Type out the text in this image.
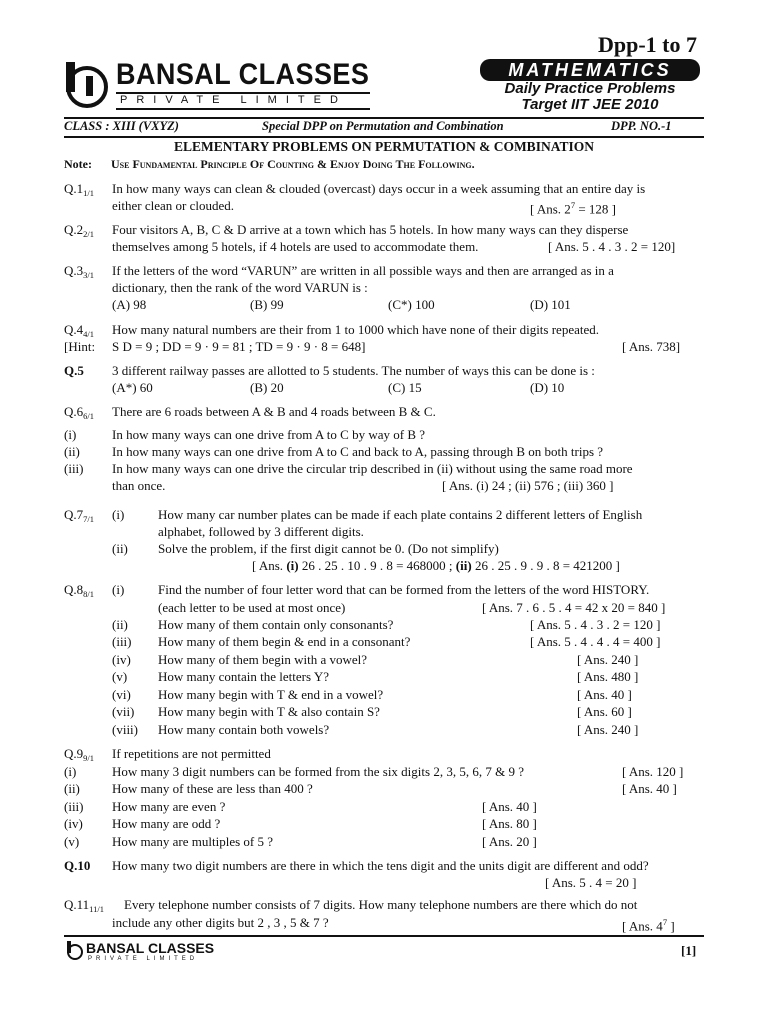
BANSAL CLASSES
PRIVATE LIMITED
Dpp-1 to 7
MATHEMATICS
Daily Practice Problems
Target IIT JEE 2010
CLASS : XIII (VXYZ)	Special DPP on Permutation and Combination	DPP. NO.-1
ELEMENTARY PROBLEMS ON PERMUTATION & COMBINATION
Note: Use Fundamental Principle Of Counting & Enjoy Doing The Following.
$Q.1_{1/1}$ In how many ways can clean & clouded (overcast) days occur in a week assuming that an entire day is
either clean or clouded.	[ Ans. $2^7 = 128$ ]
$Q.2_{2/1}$ Four visitors A, B, C & D arrive at a town which has 5 hotels. In how many ways can they disperse
themselves among 5 hotels, if 4 hotels are used to accommodate them.	[ Ans. 5 . 4 . 3 . 2 = 120]
$Q.3_{3/1}$ If the letters of the word “VARUN” are written in all possible ways and then are arranged as in a
dictionary, then the rank of the word VARUN is :
(A) 98	(B) 99	(C*) 100	(D) 101
$Q.4_{4/1}$ How many natural numbers are their from 1 to 1000 which have none of their digits repeated.
[Hint: S D = 9 ; DD = 9 · 9 = 81 ; TD = 9 · 9 · 8 = 648]	[ Ans. 738]
Q.5 3 different railway passes are allotted to 5 students. The number of ways this can be done is :
(A*) 60	(B) 20	(C) 15	(D) 10
$Q.6_{6/1}$ There are 6 roads between A & B and 4 roads between B & C.
(i)	In how many ways can one drive from A to C by way of B ?
(ii) In how many ways can one drive from A to C and back to A, passing through B on both trips ?
(iii) In how many ways can one drive the circular trip described in (ii) without using the same road more
than once.	[ Ans. (i) 24 ; (ii) 576 ; (iii) 360 ]
$Q.7_{7/1}$ (i)	How many car number plates can be made if each plate contains 2 different letters of English
alphabet, followed by 3 different digits.
(ii) Solve the problem, if the first digit cannot be 0. (Do not simplify)
[ Ans. (i) 26 . 25 . 10 . 9 . 8 = 468000 ; (ii) 26 . 25 . 9 . 9 . 8 = 421200 ]
$Q.8_{8/1}$ (i)	Find the number of four letter word that can be formed from the letters of the word HISTORY.
(each letter to be used at most once)	[ Ans. 7 . 6 . 5 . 4 = 42 x 20 = 840 ]
(ii) How many of them contain only consonants?	[ Ans. 5 . 4 . 3 . 2 = 120 ]
(iii) How many of them begin & end in a consonant?	[ Ans. 5 . 4 . 4 . 4 = 400 ]
(iv) How many of them begin with a vowel?	[ Ans. 240 ]
(v) How many contain the letters Y?	[ Ans. 480 ]
(vi) How many begin with T & end in a vowel?	[ Ans. 40 ]
(vii) How many begin with T & also contain S?	[ Ans. 60 ]
(viii) How many contain both vowels?	[ Ans. 240 ]
$Q.9_{9/1}$ If repetitions are not permitted
(i)	How many 3 digit numbers can be formed from the six digits 2, 3, 5, 6, 7 & 9 ?	[ Ans. 120 ]
(ii) How many of these are less than 400 ?	[ Ans. 40 ]
(iii) How many are even ?	[ Ans. 40 ]
(iv) How many are odd ?	[ Ans. 80 ]
(v)	How many are multiples of 5 ?	[ Ans. 20 ]
Q.10 How many two digit numbers are there in which the tens digit and the units digit are different and odd?
[ Ans. 5 . 4 = 20 ]
$Q.11_{11/1}$ Every telephone number consists of 7 digits. How many telephone numbers are there which do not
include any other digits but 2 , 3 , 5 & 7 ?	[ Ans. $4^7$ ]
BANSAL CLASSES
PRIVATE LIMITED
[1]
